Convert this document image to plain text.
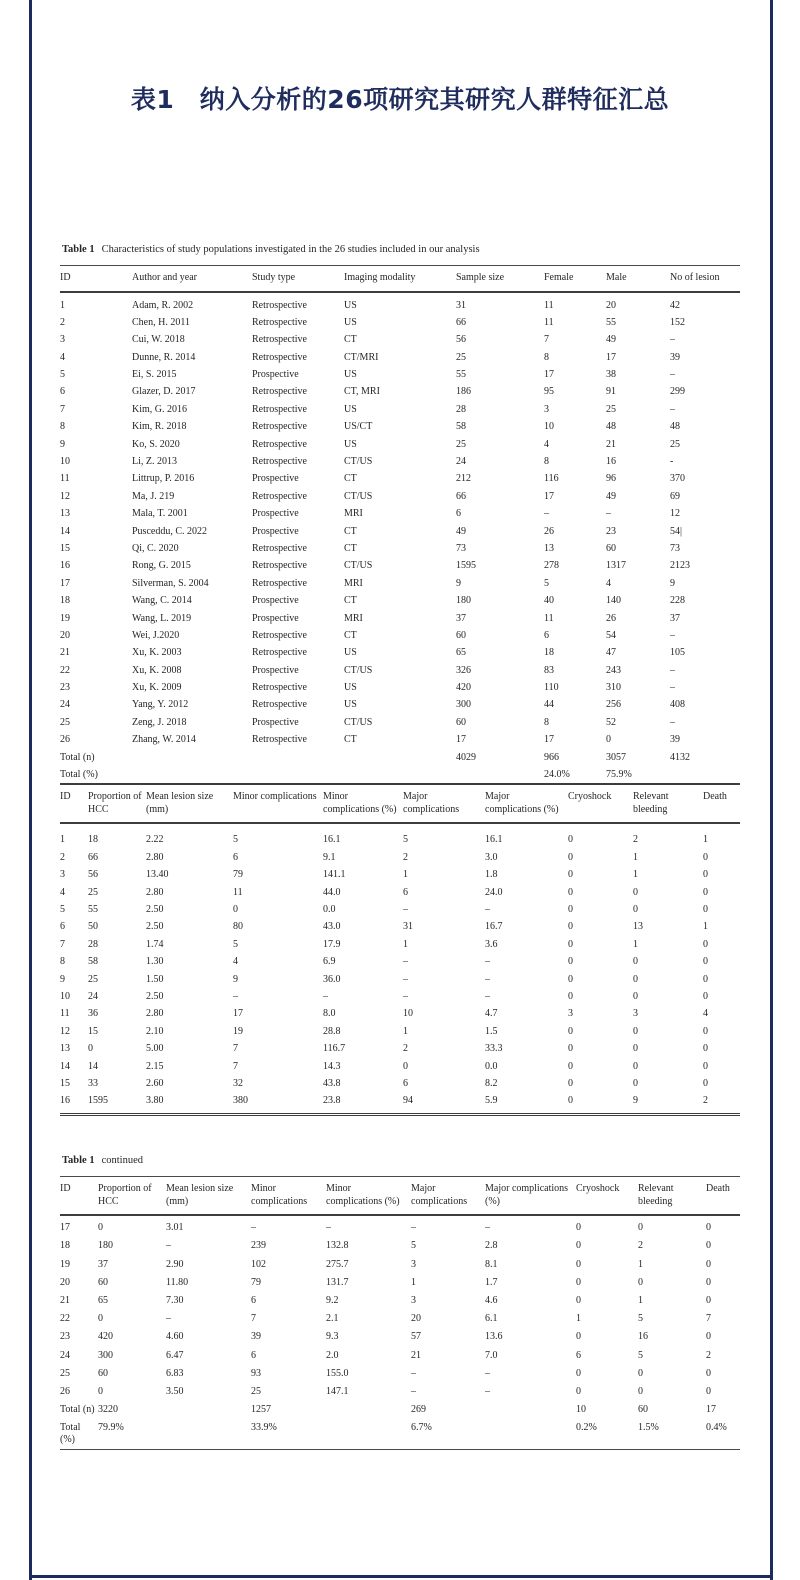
表1　纳入分析的26项研究其研究人群特征汇总

Table 1 Characteristics of study populations investigated in the 26 studies included in our analysis

ID	Author and year	Study type	Imaging modality	Sample size	Female	Male	No of lesion
1	Adam, R. 2002	Retrospective	US	31	11	20	42
2	Chen, H. 2011	Retrospective	US	66	11	55	152
3	Cui, W. 2018	Retrospective	CT	56	7	49	–
4	Dunne, R. 2014	Retrospective	CT/MRI	25	8	17	39
5	Ei, S. 2015	Prospective	US	55	17	38	–
6	Glazer, D. 2017	Retrospective	CT, MRI	186	95	91	299
7	Kim, G. 2016	Retrospective	US	28	3	25	–
8	Kim, R. 2018	Retrospective	US/CT	58	10	48	48
9	Ko, S. 2020	Retrospective	US	25	4	21	25
10	Li, Z. 2013	Retrospective	CT/US	24	8	16	-
11	Littrup, P. 2016	Prospective	CT	212	116	96	370
12	Ma, J. 219	Retrospective	CT/US	66	17	49	69
13	Mala, T. 2001	Prospective	MRI	6	–	–	12
14	Pusceddu, C. 2022	Prospective	CT	49	26	23	54|
15	Qi, C. 2020	Retrospective	CT	73	13	60	73
16	Rong, G. 2015	Retrospective	CT/US	1595	278	1317	2123
17	Silverman, S. 2004	Retrospective	MRI	9	5	4	9
18	Wang, C. 2014	Prospective	CT	180	40	140	228
19	Wang, L. 2019	Prospective	MRI	37	11	26	37
20	Wei, J.2020	Retrospective	CT	60	6	54	–
21	Xu, K. 2003	Retrospective	US	65	18	47	105
22	Xu, K. 2008	Prospective	CT/US	326	83	243	–
23	Xu, K. 2009	Retrospective	US	420	110	310	–
24	Yang, Y. 2012	Retrospective	US	300	44	256	408
25	Zeng, J. 2018	Prospective	CT/US	60	8	52	–
26	Zhang, W. 2014	Retrospective	CT	17	17	0	39
Total (n)				4029	966	3057	4132
Total (%)					24.0%	75.9%	
ID	Proportion of HCC	Mean lesion size (mm)	Minor complications	Minor complications (%)	Major complications	Major complications (%)	Cryoshock	Relevant bleeding	Death
1	18	2.22	5	16.1	5	16.1	0	2	1
2	66	2.80	6	9.1	2	3.0	0	1	0
3	56	13.40	79	141.1	1	1.8	0	1	0
4	25	2.80	11	44.0	6	24.0	0	0	0
5	55	2.50	0	0.0	–	–	0	0	0
6	50	2.50	80	43.0	31	16.7	0	13	1
7	28	1.74	5	17.9	1	3.6	0	1	0
8	58	1.30	4	6.9	–	–	0	0	0
9	25	1.50	9	36.0	–	–	0	0	0
10	24	2.50	–	–	–	–	0	0	0
11	36	2.80	17	8.0	10	4.7	3	3	4
12	15	2.10	19	28.8	1	1.5	0	0	0
13	0	5.00	7	116.7	2	33.3	0	0	0
14	14	2.15	7	14.3	0	0.0	0	0	0
15	33	2.60	32	43.8	6	8.2	0	0	0
16	1595	3.80	380	23.8	94	5.9	0	9	2

Table 1 continued

ID	Proportion of HCC	Mean lesion size (mm)	Minor complications	Minor complications (%)	Major complications	Major complications (%)	Cryoshock	Relevant bleeding	Death
17	0	3.01	–	–	–	–	0	0	0
18	180	–	239	132.8	5	2.8	0	2	0
19	37	2.90	102	275.7	3	8.1	0	1	0
20	60	11.80	79	131.7	1	1.7	0	0	0
21	65	7.30	6	9.2	3	4.6	0	1	0
22	0	–	7	2.1	20	6.1	1	5	7
23	420	4.60	39	9.3	57	13.6	0	16	0
24	300	6.47	6	2.0	21	7.0	6	5	2
25	60	6.83	93	155.0	–	–	0	0	0
26	0	3.50	25	147.1	–	–	0	0	0
Total (n)	3220		1257		269		10	60	17
Total (%)	79.9%		33.9%		6.7%		0.2%	1.5%	0.4%
